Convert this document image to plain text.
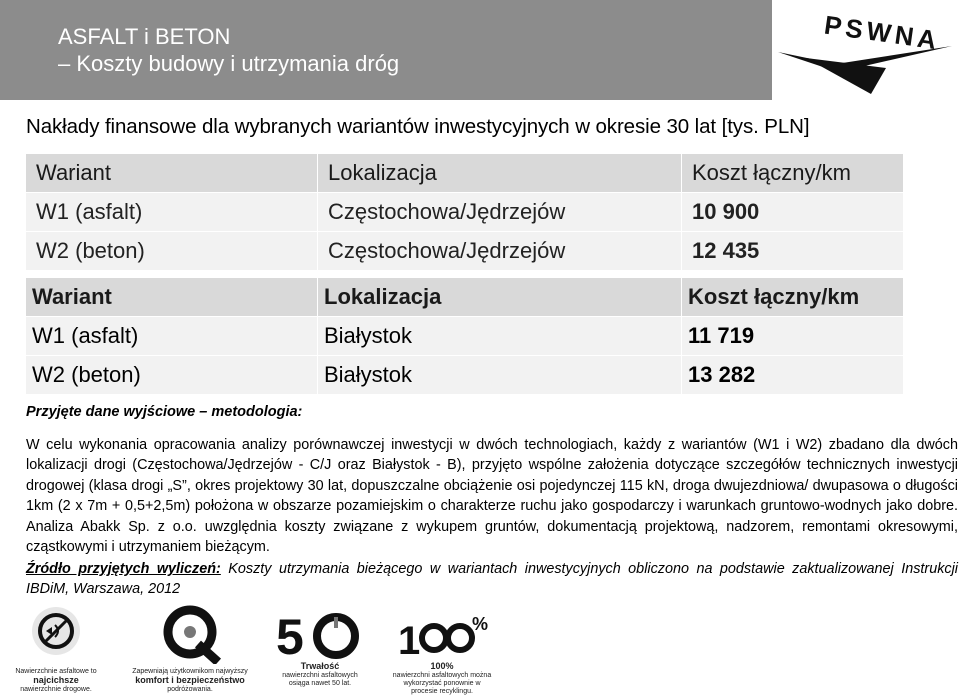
ASFALT i BETON
– Koszty budowy i utrzymania dróg
PSWNA
Nakłady finansowe dla wybranych wariantów inwestycyjnych w okresie 30 lat [tys. PLN]
Wariant	Lokalizacja	Koszt łączny/km
W1 (asfalt)	Częstochowa/Jędrzejów	10 900
W2 (beton)	Częstochowa/Jędrzejów	12 435
Wariant	Lokalizacja	Koszt łączny/km
W1 (asfalt)	Białystok	11 719
W2 (beton)	Białystok	13 282
Przyjęte dane wyjściowe – metodologia:
W celu wykonania opracowania analizy porównawczej inwestycji w dwóch technologiach, każdy z wariantów (W1 i W2) zbadano dla dwóch lokalizacji drogi (Częstochowa/Jędrzejów - C/J oraz Białystok - B), przyjęto wspólne założenia dotyczące szczegółów technicznych inwestycji drogowej (klasa drogi „S”, okres projektowy 30 lat, dopuszczalne obciążenie osi pojedynczej 115 kN, droga dwujezdniowa/ dwupasowa o długości 1km (2 x 7m + 0,5+2,5m) położona w obszarze pozamiejskim o charakterze ruchu jako gospodarczy i warunkach gruntowo-wodnych jako dobre. Analiza Abakk Sp. z o.o. uwzględnia koszty związane z wykupem gruntów, dokumentacją projektową, nadzorem, remontami okresowymi, cząstkowymi i utrzymaniem bieżącym.
Źródło przyjętych wyliczeń: Koszty utrzymania bieżącego w wariantach inwestycyjnych obliczono na podstawie zaktualizowanej Instrukcji IBDiM, Warszawa, 2012
Nawierzchnie asfaltowe to
najcichsze
nawierzchnie drogowe.
Zapewniają użytkownikom najwyższy
komfort i bezpieczeństwo
podróżowania.
5
Trwałość
nawierzchni asfaltowych osiąga nawet 50 lat.
1	%
100%
nawierzchni asfaltowych można wykorzystać ponownie w procesie recyklingu.
